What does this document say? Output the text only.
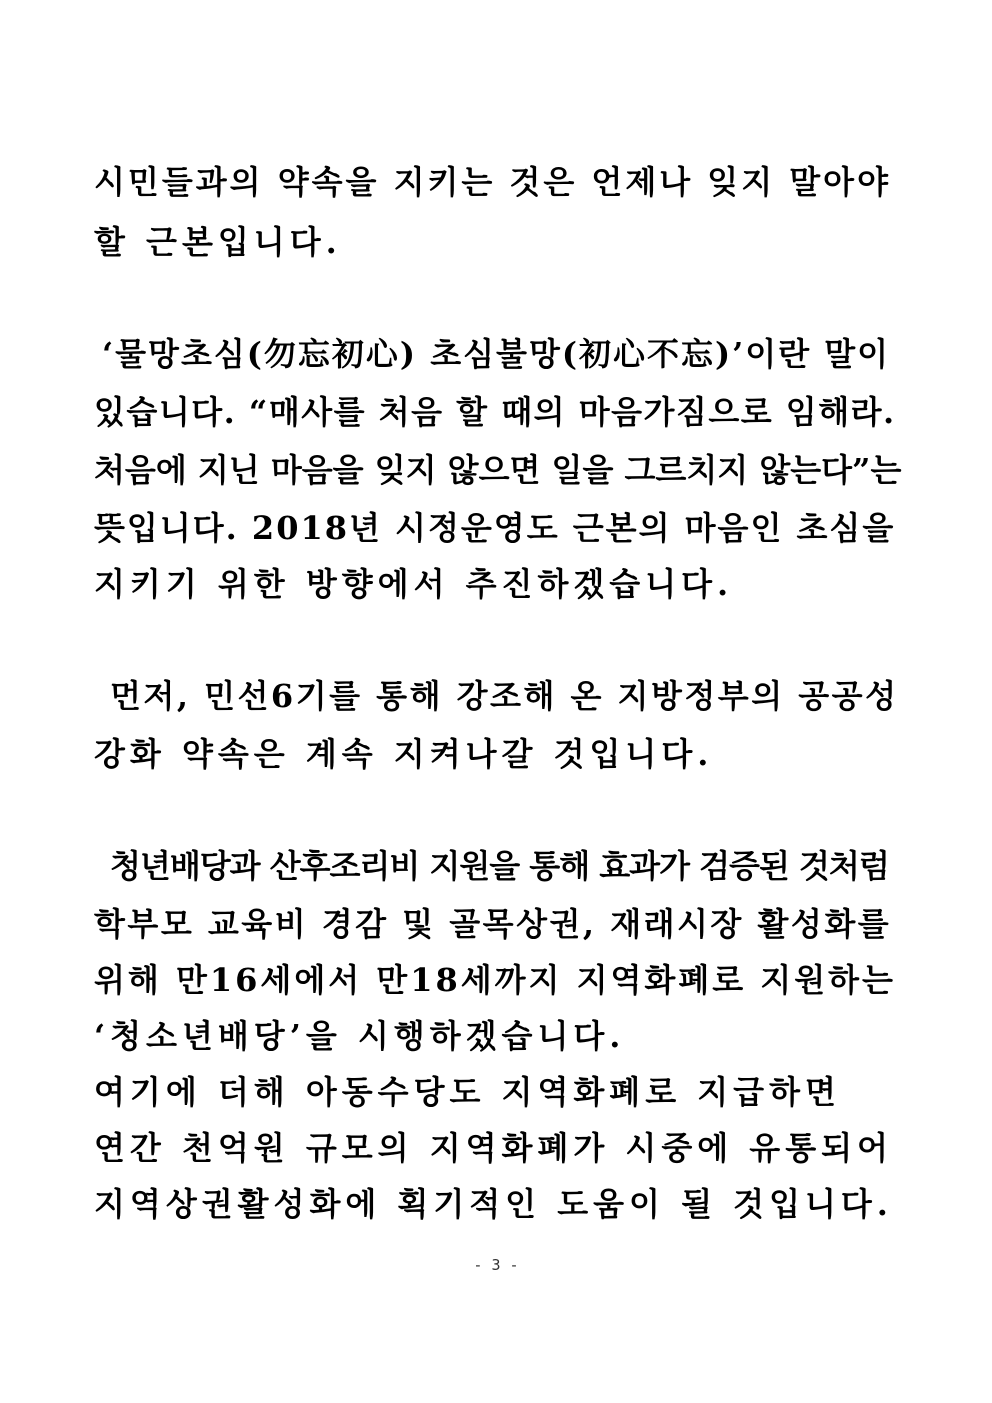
시민들과의 약속을 지키는 것은 언제나 잊지 말아야
할 근본입니다.
‘물망초심(勿忘初心) 초심불망(初心不忘)’이란 말이
있습니다. “매사를 처음 할 때의 마음가짐으로 임해라.
처음에 지닌 마음을 잊지 않으면 일을 그르치지 않는다”는
뜻입니다. 2018년 시정운영도 근본의 마음인 초심을
지키기 위한 방향에서 추진하겠습니다.
먼저, 민선6기를 통해 강조해 온 지방정부의 공공성
강화 약속은 계속 지켜나갈 것입니다.
청년배당과 산후조리비 지원을 통해 효과가 검증된 것처럼
학부모 교육비 경감 및 골목상권, 재래시장 활성화를
위해 만16세에서 만18세까지 지역화폐로 지원하는
‘청소년배당’을 시행하겠습니다.
여기에 더해 아동수당도 지역화폐로 지급하면
연간 천억원 규모의 지역화폐가 시중에 유통되어
지역상권활성화에 획기적인 도움이 될 것입니다.
- 3 -
